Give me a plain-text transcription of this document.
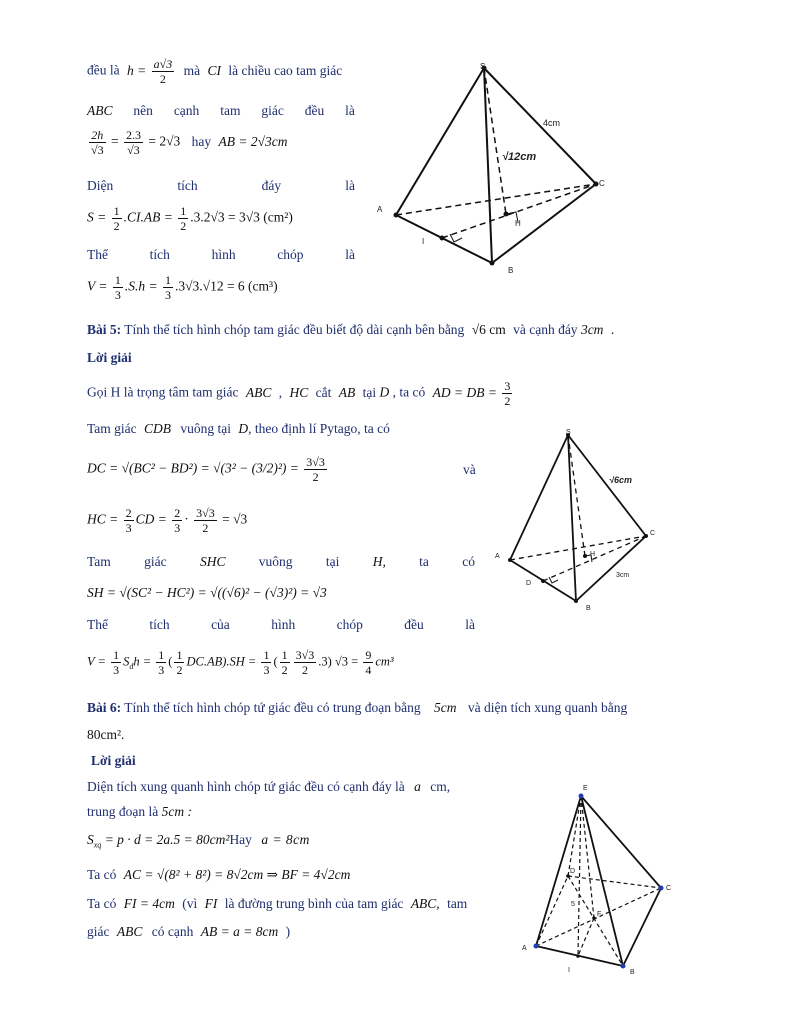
đều là $h = \frac{a√3}{2}$ mà CI là chiều cao tam giác
ABC nên cạnh tam giác đều là
$\frac{2h}{√3} = \frac{2.3}{√3} = 2√3$ hay AB = 2√3cm
Diện	tích	đáy	là
$S = \frac{1}{2} .CI.AB = \frac{1}{2} .3.2√3 = 3√3$ (cm²)
Thể	tích	hình	chóp	là
$V = \frac{1}{3} .S.h = \frac{1}{3} .3√3.√12 = 6$ (cm³)
S
A
B
C
H
I
4cm
√12cm
Bài 5: Tính thể tích hình chóp tam giác đều biết độ dài cạnh bên bằng √6 cm và cạnh đáy 3cm .
Lời giải
Gọi H là trọng tâm tam giác ABC , HC cắt AB tại D , ta có AD = DB = $\frac{3}{2}$
Tam giác CDB vuông tại D, theo định lí Pytago, ta có
DC = $√(BC^2 - BD^2) = √(3^2 - (3/2)^2) = \frac{3√3}{2}$	và
HC = $\frac{2}{3}$ CD = $\frac{2}{3} \cdot \frac{3√3}{2} = √3$
Tam giác SHC vuông tại H, ta có
SH = √(SC² − HC²) = √((√6)² − (√3)²) = √3
Thể	tích	của	hình	chóp	đều	là
$V = \frac{1}{3} S_đh = \frac{1}{3}$ ( $\frac{1}{2} DC.AB).SH = \frac{1}{3}$ ( $\frac{1}{2} \frac{3√3}{2} .3$) $√3 = \frac{9}{4} cm^3$
S
A
B
C
D
H
√6cm
3cm
Bài 6: Tính thể tích hình chóp tứ giác đều có trung đoạn bằng 5cm và diện tích xung quanh bằng
80cm².
Lời giải
Diện tích xung quanh hình chóp tứ giác đều có cạnh đáy là a cm,
trung đoạn là 5cm :
$S_{xq} = p \cdot d = 2a.5 = 80cm^2Hay$ a = 8cm
Ta có AC = √(8² + 8²) = 8√2cm ⇒ BF = 4√2cm
Ta có FI = 4cm (vì FI là đường trung bình của tam giác ABC, tam
giác ABC có cạnh AB = a = 8cm )
E
A
B
C
D
F
I
5
